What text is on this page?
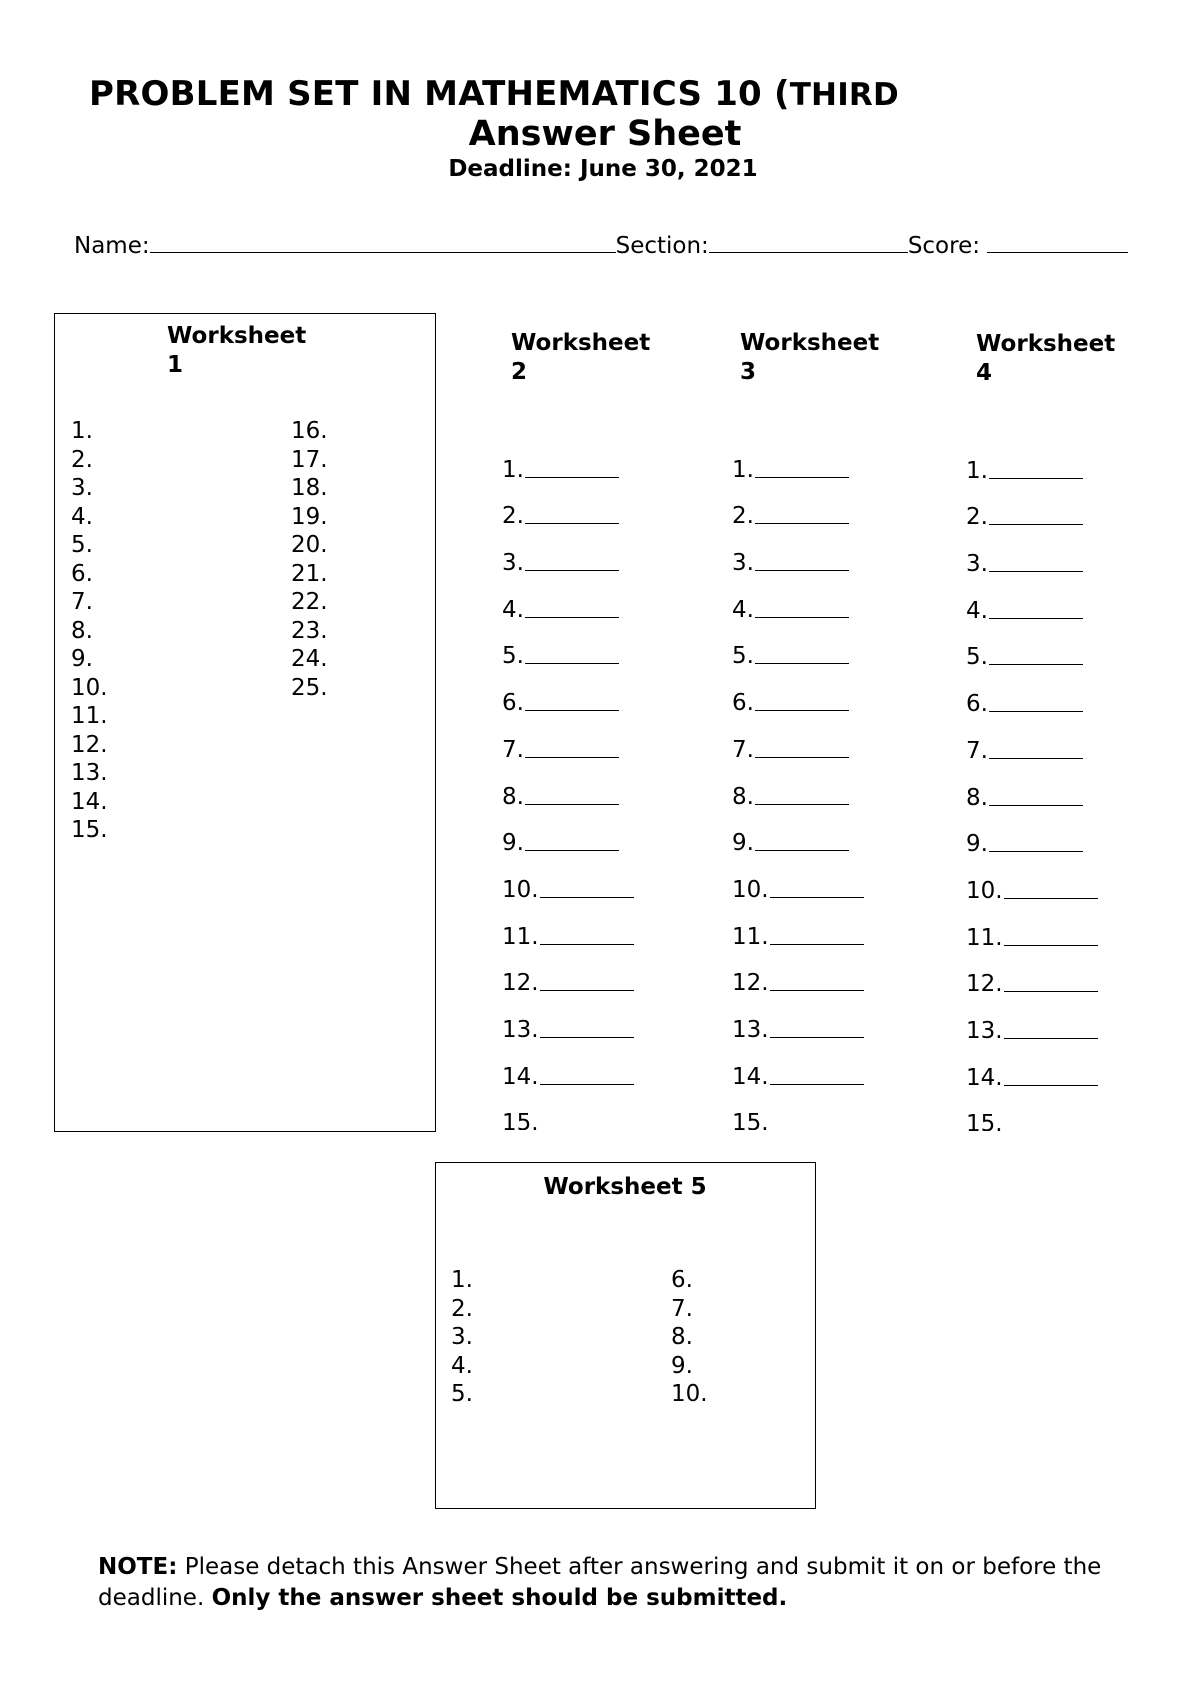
PROBLEM SET IN MATHEMATICS 10 (THIRD
Answer Sheet
Deadline: June 30, 2021
Name:	Section:	Score:
Worksheet
1
1.
2.
3.
4.
5.
6.
7.
8.
9.
10.
11.
12.
13.
14.
15.
16.
17.
18.
19.
20.
21.
22.
23.
24.
25.
Worksheet
2
1.
2.
3.
4.
5.
6.
7.
8.
9.
10.
11.
12.
13.
14.
15.
Worksheet
3
1.
2.
3.
4.
5.
6.
7.
8.
9.
10.
11.
12.
13.
14.
15.
Worksheet
4
1.
2.
3.
4.
5.
6.
7.
8.
9.
10.
11.
12.
13.
14.
15.
Worksheet 5
1.
2.
3.
4.
5.
6.
7.
8.
9.
10.
NOTE: Please detach this Answer Sheet after answering and submit it on or before the deadline. Only the answer sheet should be submitted.
